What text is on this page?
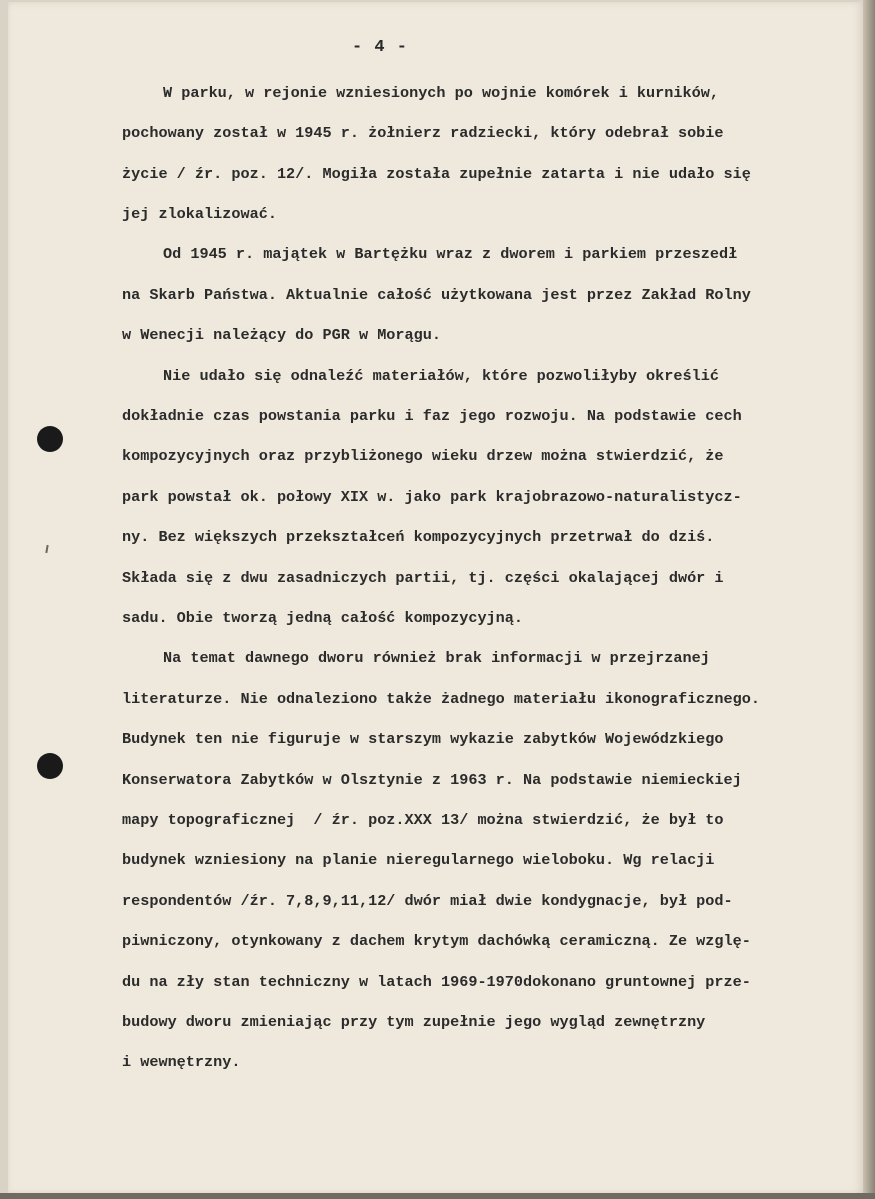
- 4 -
W parku, w rejonie wzniesionych po wojnie komórek i kurników,
pochowany został w 1945 r. żołnierz radziecki, który odebrał sobie
życie / źr. poz. 12/. Mogiła została zupełnie zatarta i nie udało się
jej zlokalizować.
Od 1945 r. majątek w Bartężku wraz z dworem i parkiem przeszedł
na Skarb Państwa. Aktualnie całość użytkowana jest przez Zakład Rolny
w Wenecji należący do PGR w Morągu.
Nie udało się odnaleźć materiałów, które pozwoliłyby określić
dokładnie czas powstania parku i faz jego rozwoju. Na podstawie cech
kompozycyjnych oraz przybliżonego wieku drzew można stwierdzić, że
park powstał ok. połowy XIX w. jako park krajobrazowo-naturalistycz-
ny. Bez większych przekształceń kompozycyjnych przetrwał do dziś.
Składa się z dwu zasadniczych partii, tj. części okalającej dwór i
sadu. Obie tworzą jedną całość kompozycyjną.
Na temat dawnego dworu również brak informacji w przejrzanej
literaturze. Nie odnaleziono także żadnego materiału ikonograficznego.
Budynek ten nie figuruje w starszym wykazie zabytków Wojewódzkiego
Konserwatora Zabytków w Olsztynie z 1963 r. Na podstawie niemieckiej
mapy topograficznej  / źr. poz.XXX 13/ można stwierdzić, że był to
budynek wzniesiony na planie nieregularnego wieloboku. Wg relacji
respondentów /źr. 7,8,9,11,12/ dwór miał dwie kondygnacje, był pod-
piwniczony, otynkowany z dachem krytym dachówką ceramiczną. Ze wzglę-
du na zły stan techniczny w latach 1969-1970dokonano gruntownej prze-
budowy dworu zmieniając przy tym zupełnie jego wygląd zewnętrzny
i wewnętrzny.
